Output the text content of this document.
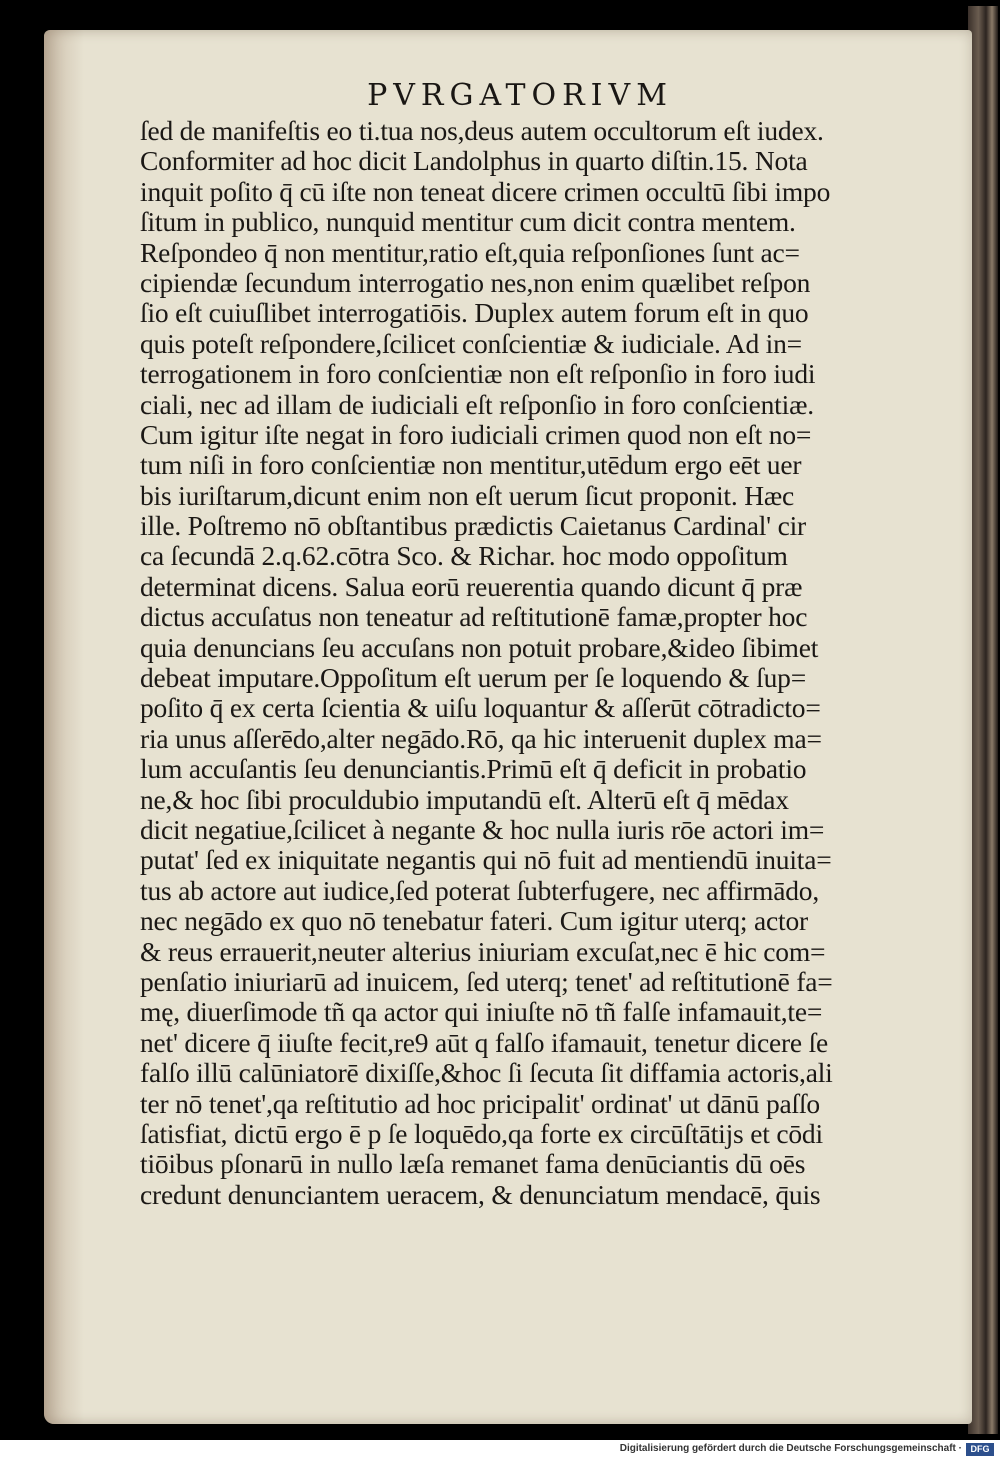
PVRGATORIVM
ſed de manifeſtis eo ti.tua nos,deus autem occultorum eſt iudex.
Conformiter ad hoc dicit Landolphus in quarto diſtin.15. Nota
inquit poſito q̄ cū iſte non teneat dicere crimen occultū ſibi impo
ſitum in publico, nunquid mentitur cum dicit contra mentem.
Reſpondeo q̄ non mentitur,ratio eſt,quia reſponſiones ſunt ac=
cipiendæ ſecundum interrogatio nes,non enim quælibet reſpon
ſio eſt cuiuſlibet interrogatiōis. Duplex autem forum eſt in quo
quis poteſt reſpondere,ſcilicet conſcientiæ & iudiciale. Ad in=
terrogationem in foro conſcientiæ non eſt reſponſio in foro iudi
ciali, nec ad illam de iudiciali eſt reſponſio in foro conſcientiæ.
Cum igitur iſte negat in foro iudiciali crimen quod non eſt no=
tum niſi in foro conſcientiæ non mentitur,utēdum ergo eēt uer
bis iuriſtarum,dicunt enim non eſt uerum ſicut proponit. Hæc
ille. Poſtremo nō obſtantibus prædictis Caietanus Cardinal' cir
ca ſecundā 2.q.62.cōtra Sco. & Richar. hoc modo oppoſitum
determinat dicens. Salua eorū reuerentia quando dicunt q̄ præ
dictus accuſatus non teneatur ad reſtitutionē famæ,propter hoc
quia denuncians ſeu accuſans non potuit probare,&ideo ſibimet
debeat imputare.Oppoſitum eſt uerum per ſe loquendo & ſup=
poſito q̄ ex certa ſcientia & uiſu loquantur & aſſerūt cōtradicto=
ria unus aſſerēdo,alter negādo.Rō, qa hic interuenit duplex ma=
lum accuſantis ſeu denunciantis.Primū eſt q̄ deficit in probatio
ne,& hoc ſibi proculdubio imputandū eſt. Alterū eſt q̄ mēdax
dicit negatiue,ſcilicet à negante & hoc nulla iuris rōe actori im=
putat' ſed ex iniquitate negantis qui nō fuit ad mentiendū inuita=
tus ab actore aut iudice,ſed poterat ſubterfugere, nec affirmādo,
nec negādo ex quo nō tenebatur fateri. Cum igitur uterq; actor
& reus errauerit,neuter alterius iniuriam excuſat,nec ē hic com=
penſatio iniuriarū ad inuicem, ſed uterq; tenet' ad reſtitutionē fa=
mę, diuerſimode tñ qa actor qui iniuſte nō tñ falſe infamauit,te=
net' dicere q̄ iiuſte fecit,re9 aūt q falſo ifamauit, tenetur dicere ſe
falſo illū calūniatorē dixiſſe,&hoc ſi ſecuta ſit diffamia actoris,ali
ter nō tenet',qa reſtitutio ad hoc pricipalit' ordinat' ut dānū paſſo
ſatisfiat, dictū ergo ē p ſe loquēdo,qa forte ex circūſtātijs et cōdi
tiōibus pſonarū in nullo læſa remanet fama denūciantis dū oēs
credunt denunciantem ueracem, & denunciatum mendacē, q̄uis
Digitalisierung gefördert durch die Deutsche Forschungsgemeinschaft · DFG
